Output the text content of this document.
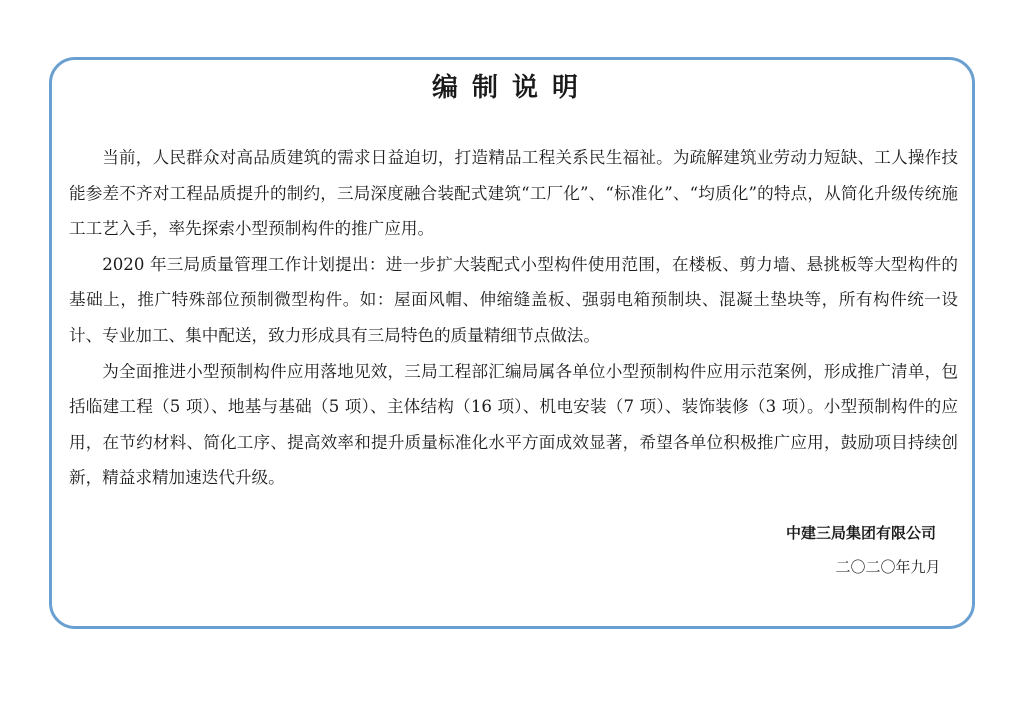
编制说明

当前，人民群众对高品质建筑的需求日益迫切，打造精品工程关系民生福祉。为疏解建筑业劳动力短缺、工人操作技能参差不齐对工程品质提升的制约，三局深度融合装配式建筑“工厂化”、“标准化”、“均质化”的特点，从简化升级传统施工工艺入手，率先探索小型预制构件的推广应用。

2020 年三局质量管理工作计划提出：进一步扩大装配式小型构件使用范围，在楼板、剪力墙、悬挑板等大型构件的基础上，推广特殊部位预制微型构件。如：屋面风帽、伸缩缝盖板、强弱电箱预制块、混凝土垫块等，所有构件统一设计、专业加工、集中配送，致力形成具有三局特色的质量精细节点做法。

为全面推进小型预制构件应用落地见效，三局工程部汇编局属各单位小型预制构件应用示范案例，形成推广清单，包括临建工程（5 项）、地基与基础（5 项）、主体结构（16 项）、机电安装（7 项）、装饰装修（3 项）。小型预制构件的应用，在节约材料、简化工序、提高效率和提升质量标准化水平方面成效显著，希望各单位积极推广应用，鼓励项目持续创新，精益求精加速迭代升级。

中建三局集团有限公司
二〇二〇年九月
